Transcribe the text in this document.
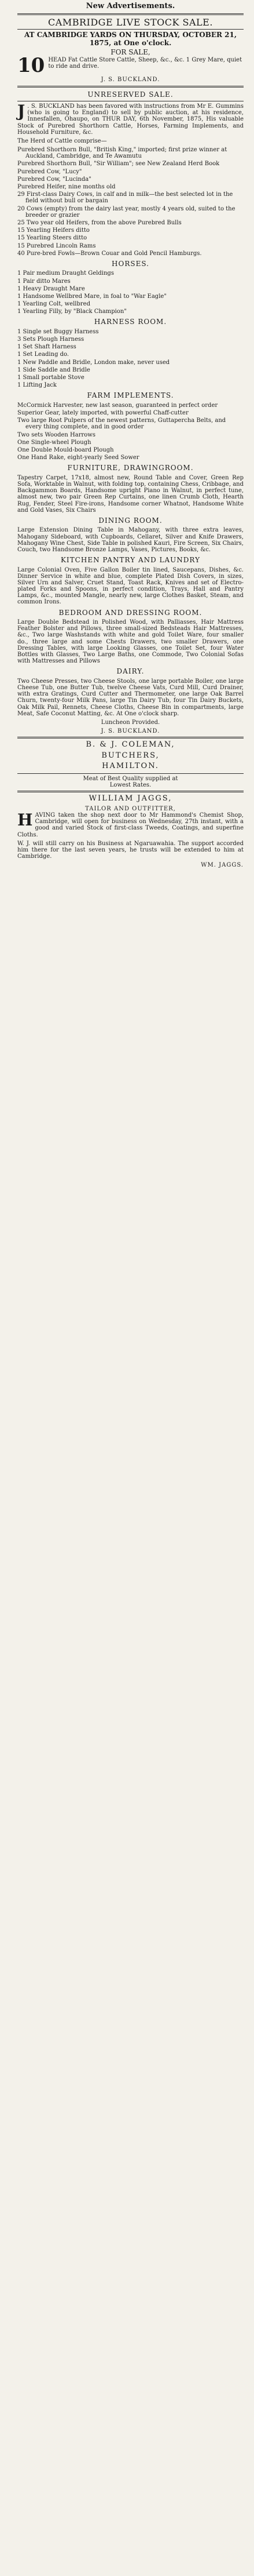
New Advertisements.
CAMBRIDGE LIVE STOCK SALE.
AT CAMBRIDGE YARDS ON THURSDAY, OCTOBER 21, 1875, at One o'clock.
FOR SALE,
10 HEAD Fat Cattle Store Cattle, Sheep, &c., &c. 1 Grey Mare, quiet to ride and drive.
J. S. BUCKLAND.
UNRESERVED SALE.

J . S. BUCKLAND has been favored with instructions from Mr E. Gummins (who is going to England) to sell by public auction, at his residence, Innesfallen, Ohaupo, on THUR DAY, 6th November, 1875, His valuable Stock of Purebred Shorthorn Cattle, Horses, Farming Implements, and Household Furniture, &c.

The Herd of Cattle comprise—
Purebred Shorthorn Bull, "British King," imported; first prize winner at Auckland, Cambridge, and Te Awamutu
Purebred Shorthorn Bull, "Sir William"; see New Zealand Herd Book
Purebred Cow, "Lucy"
Purebred Cow, "Lucinda"
Purebred Heifer, nine months old
29 First-class Dairy Cows, in calf and in milk—the best selected lot in the field without bull or bargain
20 Cows (empty) from the dairy last year, mostly 4 years old, suited to the breeder or grazier
25 Two year old Heifers, from the above Purebred Bulls
15 Yearling Heifers ditto
15 Yearling Steers ditto
15 Purebred Lincoln Rams
40 Pure-bred Fowls—Brown Couar and Gold Pencil Hamburgs.
HORSES.
1 Pair medium Draught Geldings
1 Pair ditto Mares
1 Heavy Draught Mare
1 Handsome Wellbred Mare, in foal to "War Eagle"
1 Yearling Colt, wellbred
1 Yearling Filly, by "Black Champion"
HARNESS ROOM.
1 Single set Buggy Harness
3 Sets Plough Harness
1 Set Shaft Harness
1 Set Leading do.
1 New Paddle and Bridle, London make, never used
1 Side Saddle and Bridle
1 Small portable Stove
1 Lifting Jack
FARM IMPLEMENTS.
McCormick Harvester, new last season, guaranteed in perfect order
Superior Gear, lately imported, with powerful Chaff-cutter
Two large Root Pulpers of the newest patterns, Guttapercha Belts, and every thing complete, and in good order
Two sets Wooden Harrows
One Single-wheel Plough
One Double Mould-board Plough
One Hand Rake, eight-yearly Seed Sower
FURNITURE, DRAWINGROOM.
Tapestry Carpet, 17x18, almost new, Round Table and Cover, Green Rep Sofa, Worktable in Walnut, with folding top, containing Chess, Cribbage, and Backgammon Boards, Handsome upright Piano in Walnut, in perfect tune, almost new, two pair Green Rep Curtains, one linen Crumb Cloth, Hearth Rug, Fender, Steel Fire-irons, Handsome corner Whatnot, Handsome White and Gold Vases, Six Chairs
DINING ROOM.
Large Extension Dining Table in Mahogany, with three extra leaves, Mahogany Sideboard, with Cupboards, Cellaret, Silver and Knife Drawers, Mahogany Wine Chest, Side Table in polished Kauri, Fire Screen, Six Chairs, Couch, two Handsome Bronze Lamps, Vases, Pictures, Books, &c.
KITCHEN PANTRY AND LAUNDRY
Large Colonial Oven, Five Gallon Boiler tin lined, Saucepans, Dishes, &c. Dinner Service in white and blue, complete Plated Dish Covers, in sizes, Silver Urn and Salver, Cruet Stand, Toast Rack, Knives and set of Electro-plated Forks and Spoons, in perfect condition, Trays, Hall and Pantry Lamps, &c., mounted Mangle, nearly new, large Clothes Basket, Steam, and common Irons.
BEDROOM AND DRESSING ROOM.
Large Double Bedstead in Polished Wood, with Palliasses, Hair Mattress Feather Bolster and Pillows, three small-sized Bedsteads Hair Mattresses, &c., Two large Washstands with white and gold Toilet Ware, four smaller do., three large and some Chests Drawers, two smaller Drawers, one Dressing Tables, with large Looking Glasses, one Toilet Set, four Water Bottles with Glasses, Two Large Baths, one Commode, Two Colonial Sofas with Mattresses and Pillows
DAIRY.
Two Cheese Presses, two Cheese Stools, one large portable Boiler, one large Cheese Tub, one Butter Tub, twelve Cheese Vats, Curd Mill, Curd Drainer, with extra Gratings, Curd Cutter and Thermometer, one large Oak Barrel Churn, twenty-four Milk Pans, large Tin Dairy Tub, four Tin Dairy Buckets, Oak Milk Pail, Rennets, Cheese Cloths, Cheese Bin in compartments, large Meat, Safe Coconut Matting, &c. At One o'clock sharp.
Luncheon Provided.
J. S. BUCKLAND.
B. & J. COLEMAN,
BUTCHERS,
HAMILTON.
Meat of Best Quality supplied at
Lowest Rates.
WILLIAM JAGGS,
TAILOR AND OUTFITTER,

HAVING taken the shop next door to Mr Hammond's Chemist Shop, Cambridge, will open for business on Wednesday, 27th instant, with a good and varied Stock of first-class Tweeds, Coatings, and superfine Cloths.

W. J. will still carry on his Business at Ngaruawahia. The support accorded him there for the last seven years, he trusts will be extended to him at Cambridge.
WM. JAGGS.
